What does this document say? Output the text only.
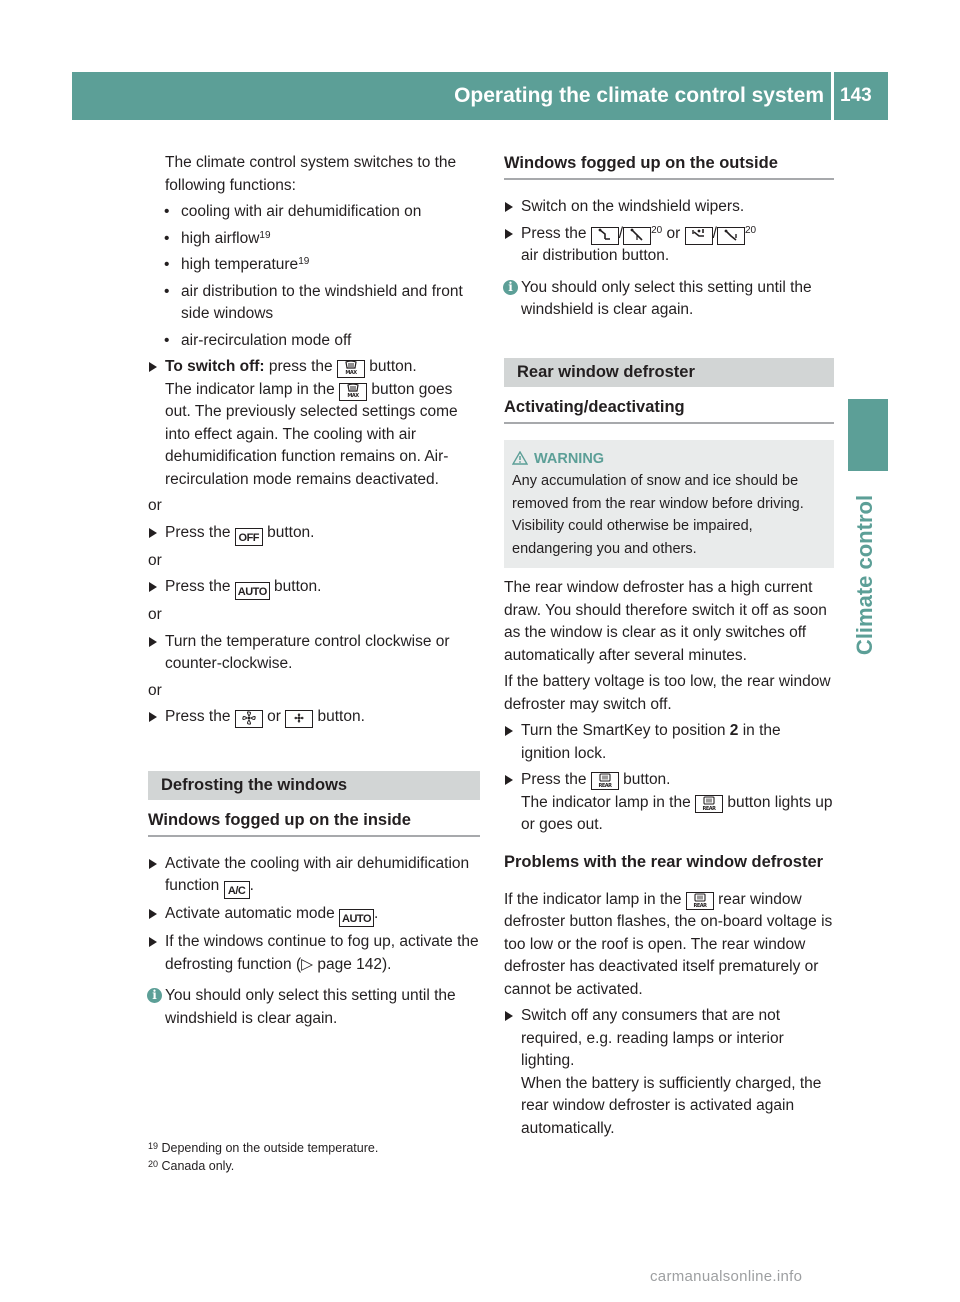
Operating the climate control system 143
Climate control

The climate control system switches to the following functions:

• cooling with air dehumidification on

• high airflow$^{19}$

• high temperature$^{19}$

• air distribution to the windshield and front side windows

• air-recirculation mode off

To switch off: press the MAX button.
The indicator lamp in the MAX button goes out. The previously selected settings come into effect again. The cooling with air dehumidification function remains on. Air-recirculation mode remains deactivated.

or

Press the OFF button.

or

Press the AUTO button.

or

Turn the temperature control clockwise or counter-clockwise.

or

Press the  or  button.

Defrosting the windows
Windows fogged up on the inside

Activate the cooling with air dehumidification function A/C .

Activate automatic mode AUTO .

If the windows continue to fog up, activate the defrosting function (▷ page 142).

i You should only select this setting until the windshield is clear again.

Windows fogged up on the outside

Switch on the windshield wipers.

Press the /	$^{20}$ or /	$^{20}$
air distribution button.

i You should only select this setting until the windshield is clear again.

Rear window defroster
Activating/deactivating
WARNING
Any accumulation of snow and ice should be removed from the rear window before driving. Visibility could otherwise be impaired, endangering you and others.

The rear window defroster has a high current draw. You should therefore switch it off as soon as the window is clear as it only switches off automatically after several minutes.

If the battery voltage is too low, the rear window defroster may switch off.

Turn the SmartKey to position 2 in the ignition lock.

Press the REAR button.
The indicator lamp in the REAR button lights up or goes out.

Problems with the rear window defroster

If the indicator lamp in the REAR rear window defroster button flashes, the on-board voltage is too low or the roof is open. The rear window defroster has deactivated itself prematurely or cannot be activated.

Switch off any consumers that are not required, e.g. reading lamps or interior lighting.
When the battery is sufficiently charged, the rear window defroster is activated again automatically.

$^{19}$ Depending on the outside temperature.
$^{20}$ Canada only.
carmanualsonline.info
